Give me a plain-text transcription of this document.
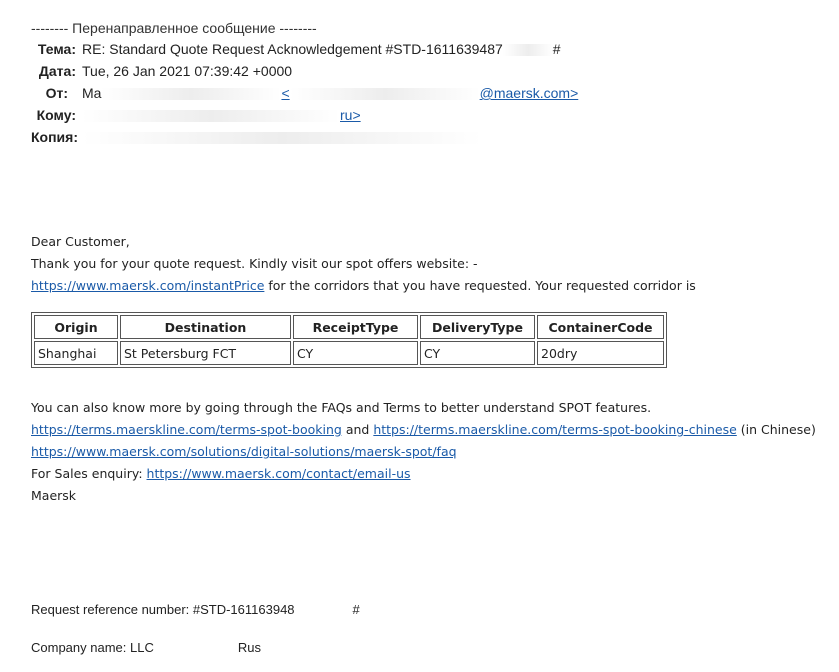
-------- Перенаправленное сообщение --------
Тема: RE: Standard Quote Request Acknowledgement #STD-16116394​87	#
Дата: Tue, 26 Jan 2021 07:39:42 +0000
От: Ma	<	@maersk.com>
Кому:	ru>
Копия:
Dear Customer,
Thank you for your quote request. Kindly visit our spot offers website: -
https://www.maersk.com/instantPrice for the corridors that you have requested. Your requested corridor is
Origin	Destination	ReceiptType	DeliveryType	ContainerCode
Shanghai	St Petersburg FCT	CY	CY	20dry
You can also know more by going through the FAQs and Terms to better understand SPOT features.
https://terms.maerskline.com/terms-spot-booking and https://terms.maerskline.com/terms-spot-booking-chinese (in Chinese)
https://www.maersk.com/solutions/digital-solutions/maersk-spot/faq
For Sales enquiry: https://www.maersk.com/contact/email-us
Maersk
Request reference number: #STD-16116394​8	#
Company name: LLC	Rus
